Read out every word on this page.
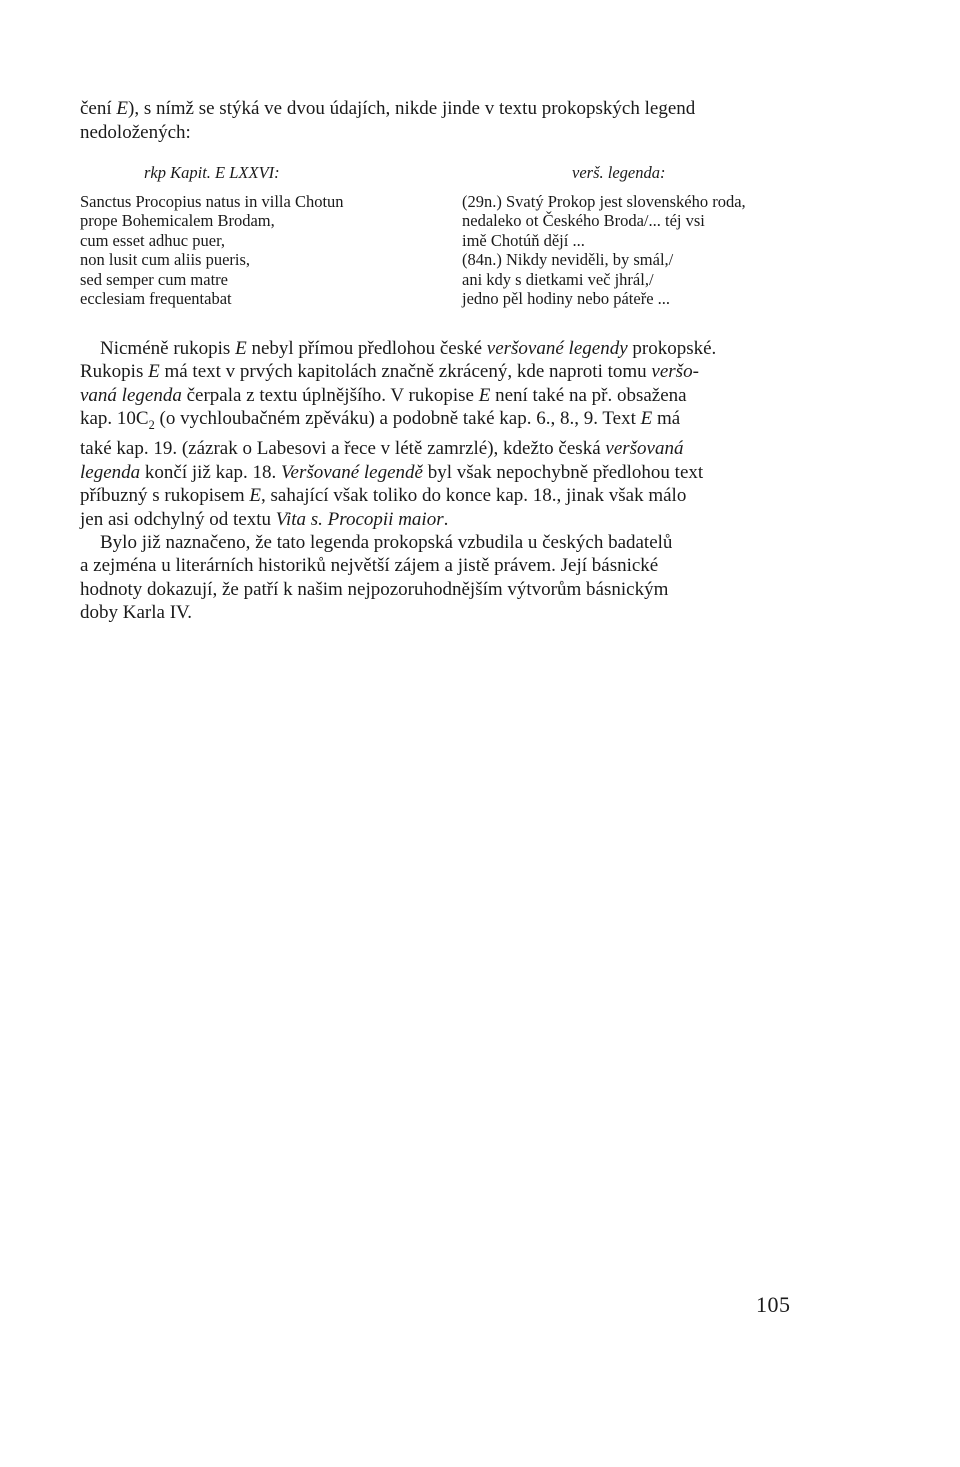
čení E), s nímž se stýká ve dvou údajích, nikde jinde v textu prokopských legend
nedoložených:
rkp Kapit. E LXXVI:
Sanctus Procopius natus in villa Chotun
prope Bohemicalem Brodam,
cum esset adhuc puer,
non lusit cum aliis pueris,
sed semper cum matre
ecclesiam frequentabat
verš. legenda:
(29n.) Svatý Prokop jest slovenského roda,
nedaleko ot Českého Broda/... téj vsi
imě Chotúň dějí ...
(84n.) Nikdy neviděli, by smál,/
ani kdy s dietkami več jhrál,/
jedno pěl hodiny nebo páteře ...
Nicméně rukopis E nebyl přímou předlohou české veršované legendy prokopské.
Rukopis E má text v prvých kapitolách značně zkrácený, kde naproti tomu veršo-
vaná legenda čerpala z textu úplnějšího. V rukopise E není také na př. obsažena
kap. $10C_2$ (o vychloubačném zpěváku) a podobně také kap. 6., 8., 9. Text E má
také kap. 19. (zázrak o Labesovi a řece v létě zamrzlé), kdežto česká veršovaná
legenda končí již kap. 18. Veršované legendě byl však nepochybně předlohou text
příbuzný s rukopisem E, sahající však toliko do konce kap. 18., jinak však málo
jen asi odchylný od textu Vita s. Procopii maior.
Bylo již naznačeno, že tato legenda prokopská vzbudila u českých badatelů
a zejména u literárních historiků největší zájem a jistě právem. Její básnické
hodnoty dokazují, že patří k našim nejpozoruhodnějším výtvorům básnickým
doby Karla IV.
105
